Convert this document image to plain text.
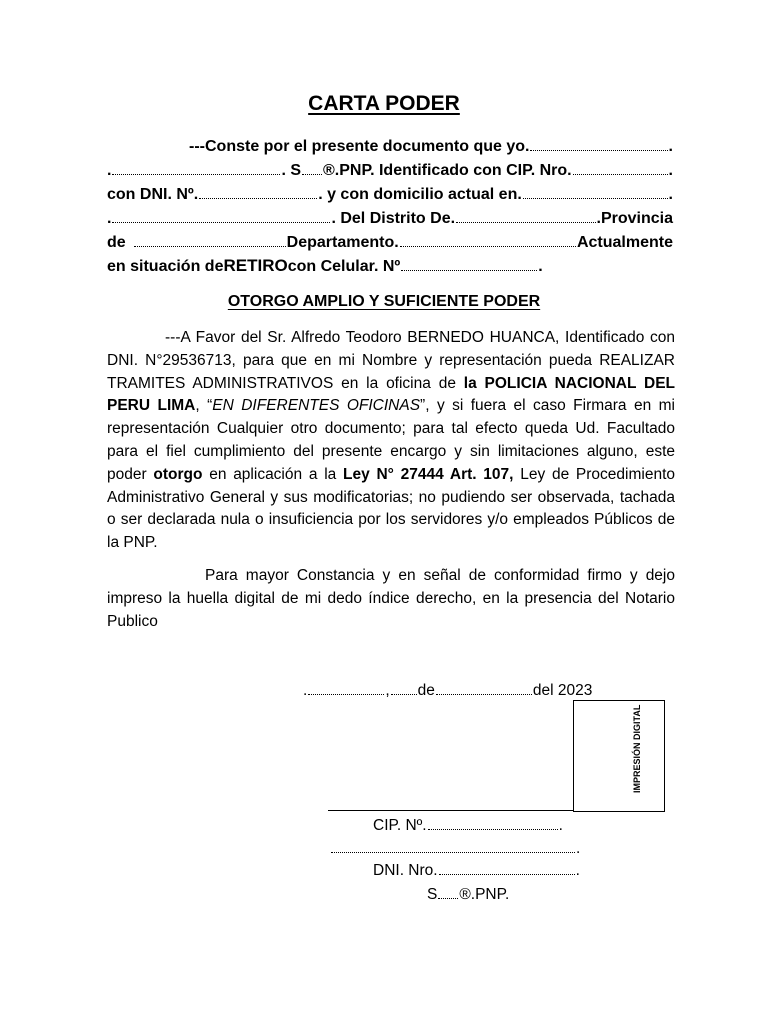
CARTA PODER
---Conste por el presente documento que yo.	.
.	. S ®.PNP. Identificado con CIP. Nro.	.
con DNI. Nº.	. y con domicilio actual en.	.
.	. Del Distrito De.	.Provincia
de	Departamento.	Actualmente
en situación de RETIRO con Celular. Nº	.
OTORGO AMPLIO Y SUFICIENTE PODER
---A Favor del Sr. Alfredo Teodoro BERNEDO HUANCA, Identificado con DNI. N°29536713, para que en mi Nombre y representación pueda REALIZAR TRAMITES ADMINISTRATIVOS en la oficina de la POLICIA NACIONAL DEL PERU LIMA, “EN DIFERENTES OFICINAS”, y si fuera el caso Firmara en mi representación Cualquier otro documento; para tal efecto queda Ud. Facultado para el fiel cumplimiento del presente encargo y sin limitaciones alguno, este poder otorgo en aplicación a la Ley N° 27444 Art. 107, Ley de Procedimiento Administrativo General y sus modificatorias; no pudiendo ser observada, tachada o ser declarada nula o insuficiencia por los servidores y/o empleados Públicos de la PNP.
Para mayor Constancia y en señal de conformidad firmo y dejo impreso la huella digital de mi dedo índice derecho, en la presencia del Notario Publico
.	, de	del 2023
IMPRESIÓN DIGITAL
CIP. Nº.	.
.
DNI. Nro.	.
S ®.PNP.
